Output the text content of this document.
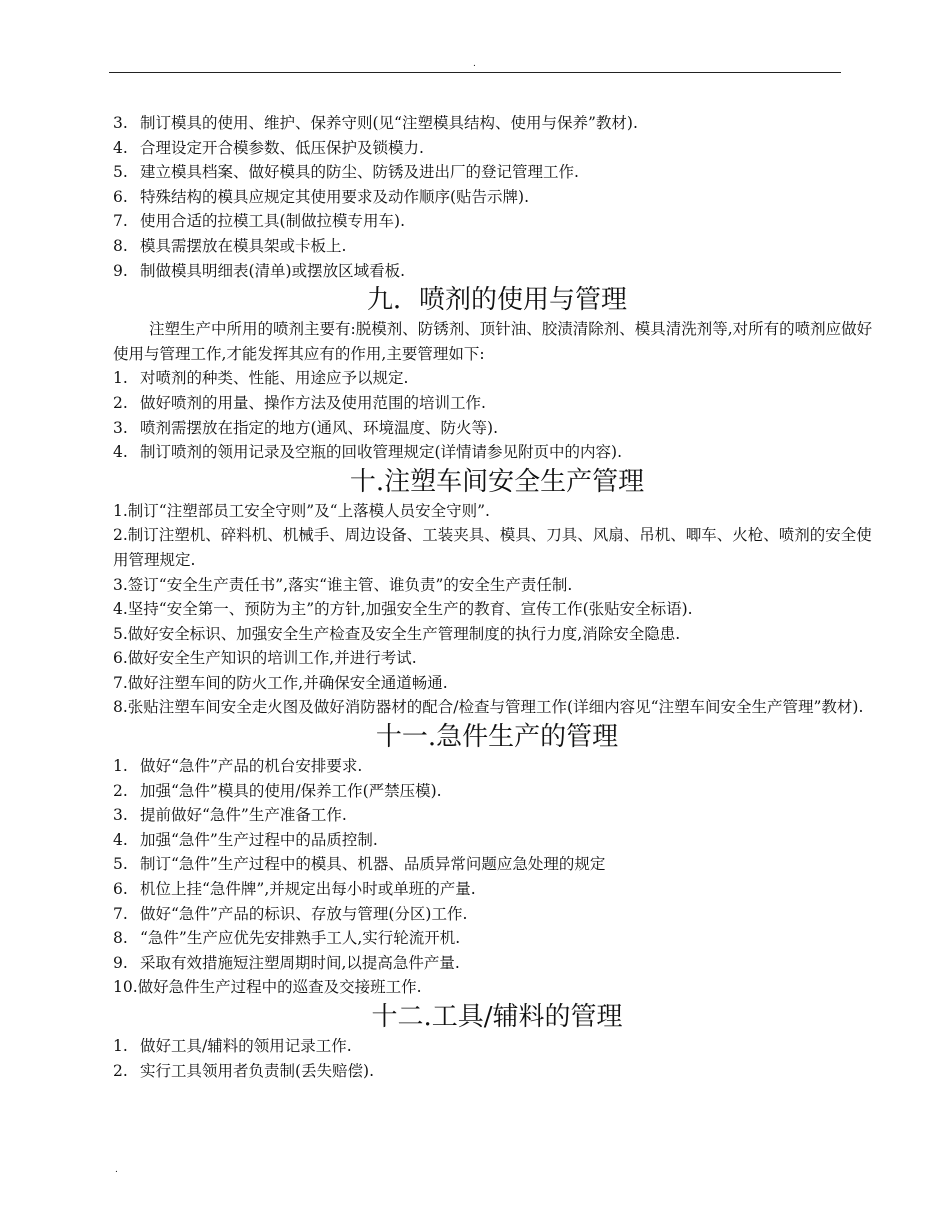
.
3. 制订模具的使用、维护、保养守则(见“注塑模具结构、使用与保养”教材).
4. 合理设定开合模参数、低压保护及锁模力.
5. 建立模具档案、做好模具的防尘、防锈及进出厂的登记管理工作.
6. 特殊结构的模具应规定其使用要求及动作顺序(贴告示牌).
7. 使用合适的拉模工具(制做拉模专用车).
8. 模具需摆放在模具架或卡板上.
9. 制做模具明细表(清单)或摆放区域看板.
九．喷剂的使用与管理
注塑生产中所用的喷剂主要有:脱模剂、防锈剂、顶针油、胶渍清除剂、模具清洗剂等,对所有的喷剂应做好使用与管理工作,才能发挥其应有的作用,主要管理如下:
1. 对喷剂的种类、性能、用途应予以规定.
2. 做好喷剂的用量、操作方法及使用范围的培训工作.
3. 喷剂需摆放在指定的地方(通风、环境温度、防火等).
4. 制订喷剂的领用记录及空瓶的回收管理规定(详情请参见附页中的内容).
十.注塑车间安全生产管理
1.制订“注塑部员工安全守则”及“上落模人员安全守则”.
2.制订注塑机、碎料机、机械手、周边设备、工装夹具、模具、刀具、风扇、吊机、唧车、火枪、喷剂的安全使用管理规定.
3.签订“安全生产责任书”,落实“谁主管、谁负责”的安全生产责任制.
4.坚持“安全第一、预防为主”的方针,加强安全生产的教育、宣传工作(张贴安全标语).
5.做好安全标识、加强安全生产检查及安全生产管理制度的执行力度,消除安全隐患.
6.做好安全生产知识的培训工作,并进行考试.
7.做好注塑车间的防火工作,并确保安全通道畅通.
8.张贴注塑车间安全走火图及做好消防器材的配合/检查与管理工作(详细内容见“注塑车间安全生产管理”教材).
十一.急件生产的管理
1. 做好“急件”产品的机台安排要求.
2. 加强“急件”模具的使用/保养工作(严禁压模).
3. 提前做好“急件”生产准备工作.
4. 加强“急件”生产过程中的品质控制.
5. 制订“急件”生产过程中的模具、机器、品质异常问题应急处理的规定
6. 机位上挂“急件牌”,并规定出每小时或单班的产量.
7. 做好“急件”产品的标识、存放与管理(分区)工作.
8. “急件”生产应优先安排熟手工人,实行轮流开机.
9. 采取有效措施短注塑周期时间,以提高急件产量.
10.做好急件生产过程中的巡查及交接班工作.
十二.工具/辅料的管理
1. 做好工具/辅料的领用记录工作.
2. 实行工具领用者负责制(丢失赔偿).
.
